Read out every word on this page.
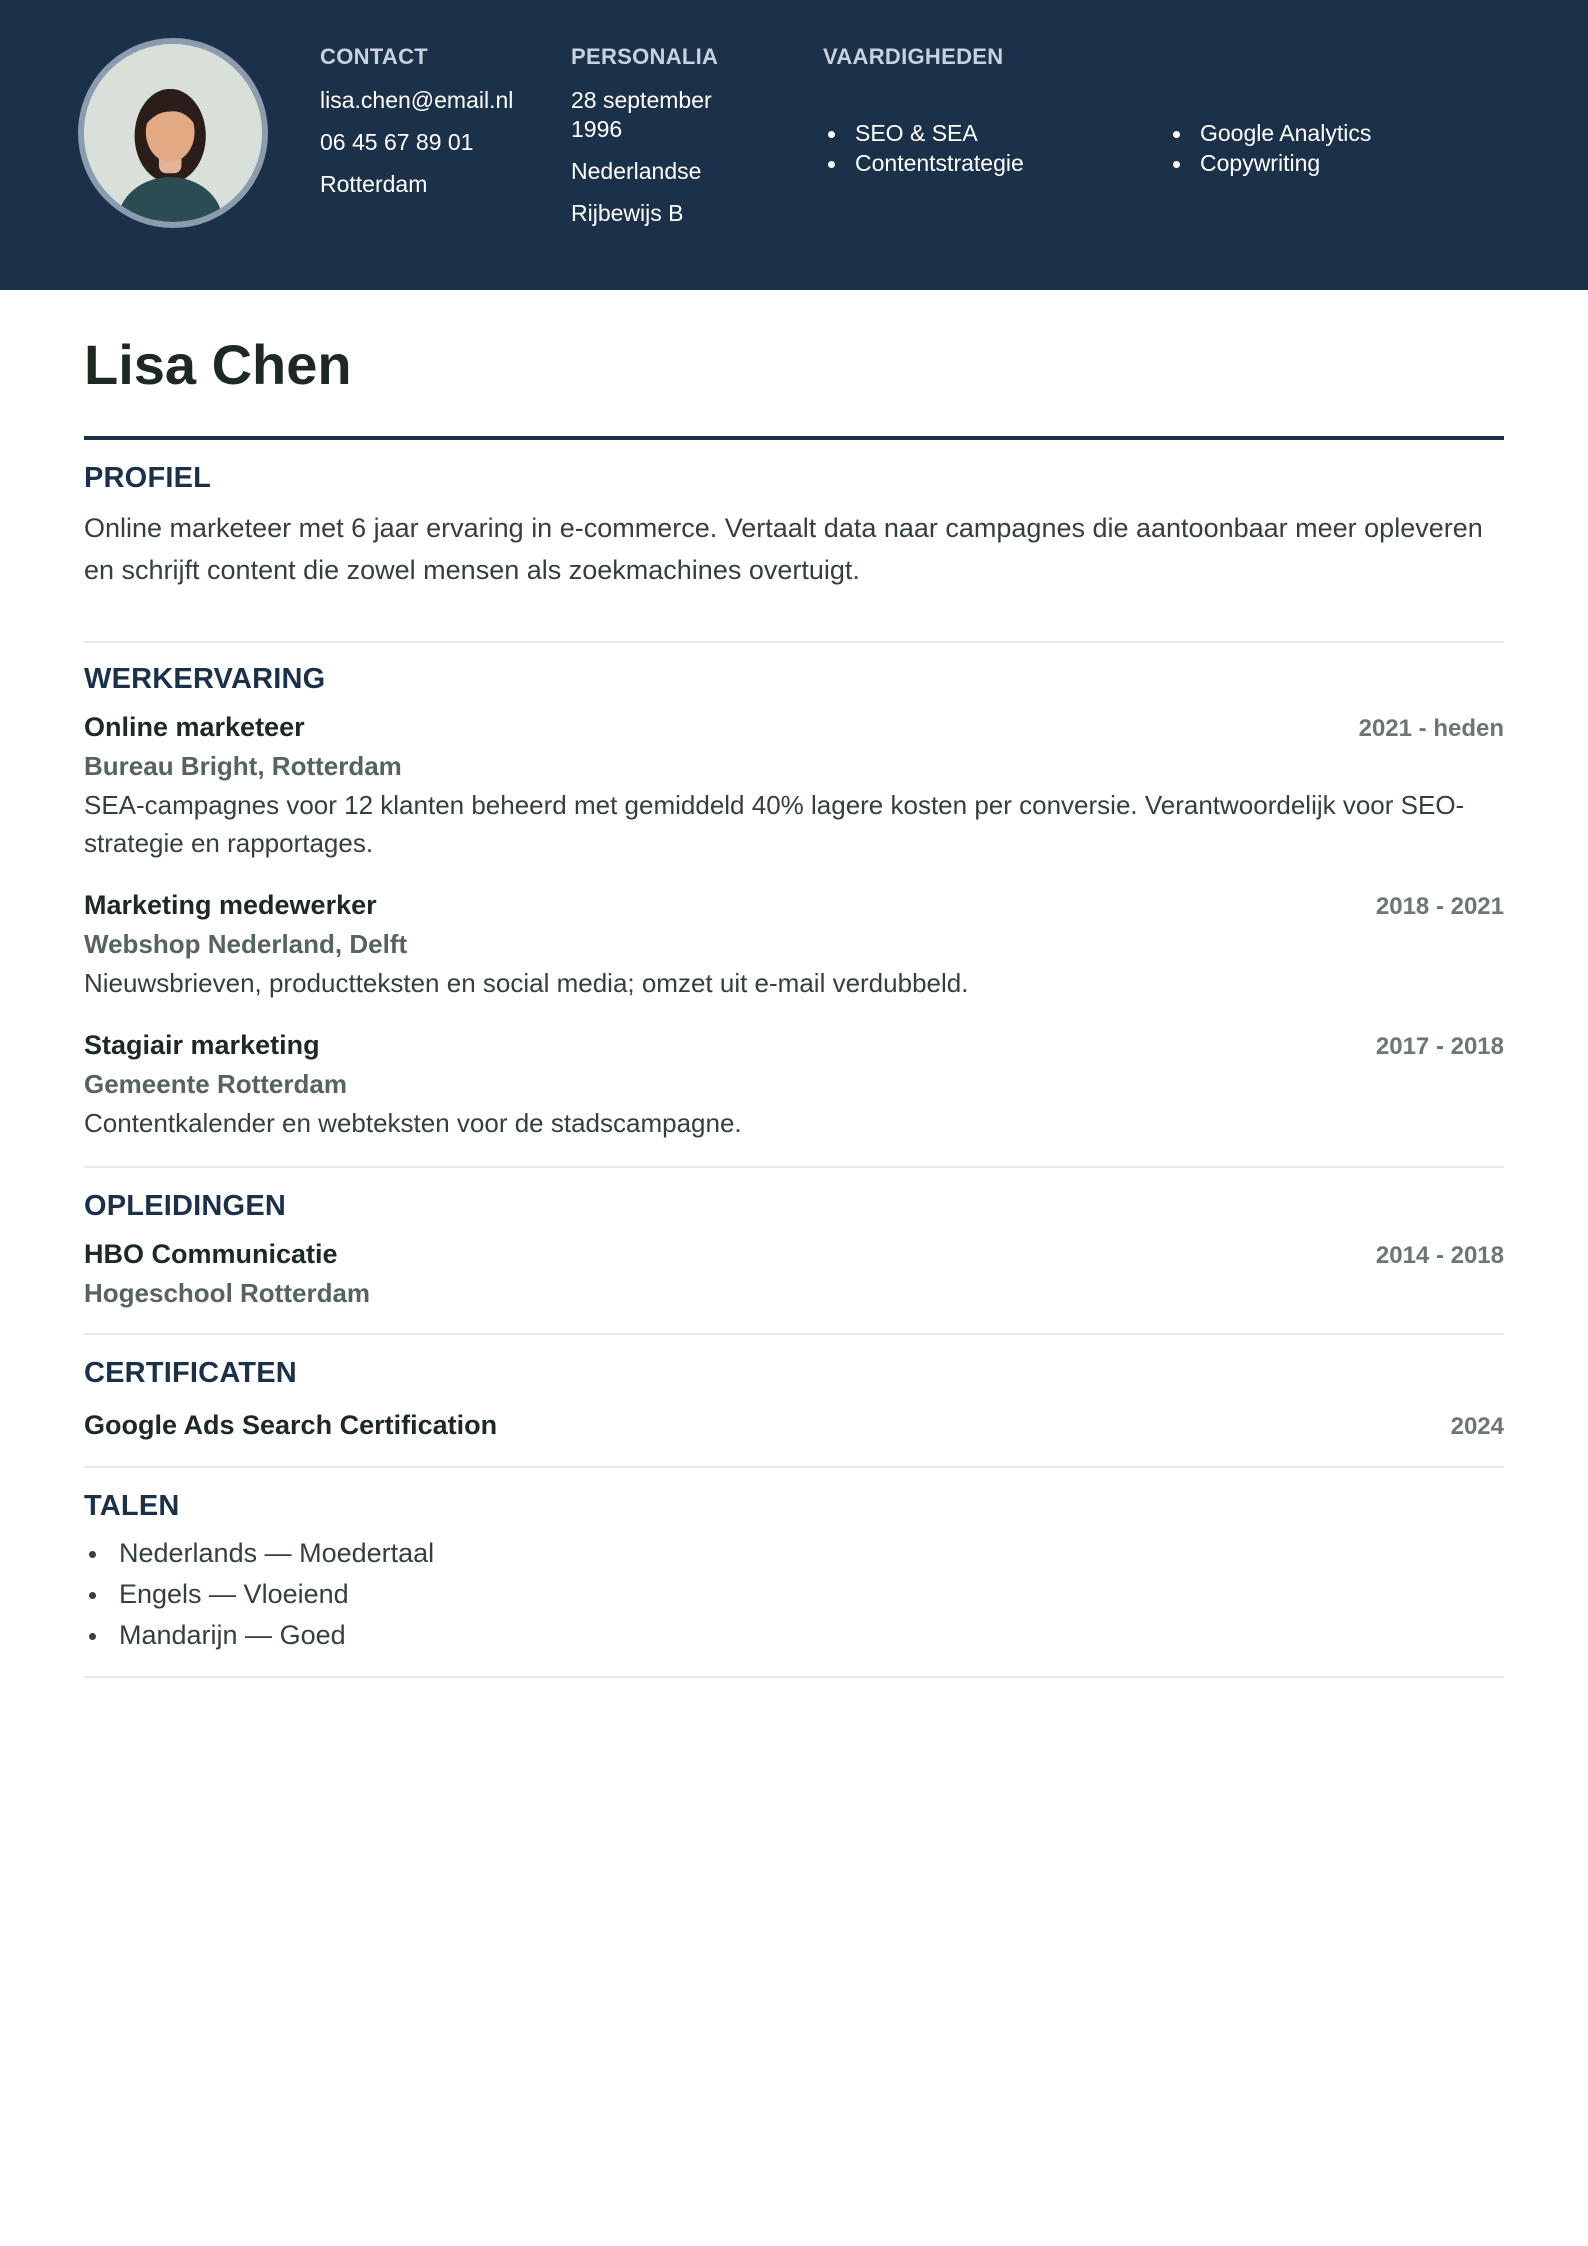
CONTACT
lisa.chen@email.nl
06 45 67 89 01
Rotterdam
PERSONALIA
28 september 1996
Nederlandse
Rijbewijs B
VAARDIGHEDEN
SEO & SEA
Contentstrategie
Google Analytics
Copywriting
Lisa Chen
PROFIEL

Online marketeer met 6 jaar ervaring in e-commerce. Vertaalt data naar campagnes die aantoonbaar meer opleveren en schrijft content die zowel mensen als zoekmachines overtuigt.

WERKERVARING
Online marketeer	2021 - heden
Bureau Bright, Rotterdam
SEA-campagnes voor 12 klanten beheerd met gemiddeld 40% lagere kosten per conversie. Verantwoordelijk voor SEO-strategie en rapportages.
Marketing medewerker	2018 - 2021
Webshop Nederland, Delft
Nieuwsbrieven, productteksten en social media; omzet uit e-mail verdubbeld.
Stagiair marketing	2017 - 2018
Gemeente Rotterdam
Contentkalender en webteksten voor de stadscampagne.
OPLEIDINGEN
HBO Communicatie	2014 - 2018
Hogeschool Rotterdam
CERTIFICATEN
Google Ads Search Certification	2024
TALEN
Nederlands — Moedertaal
Engels — Vloeiend
Mandarijn — Goed
